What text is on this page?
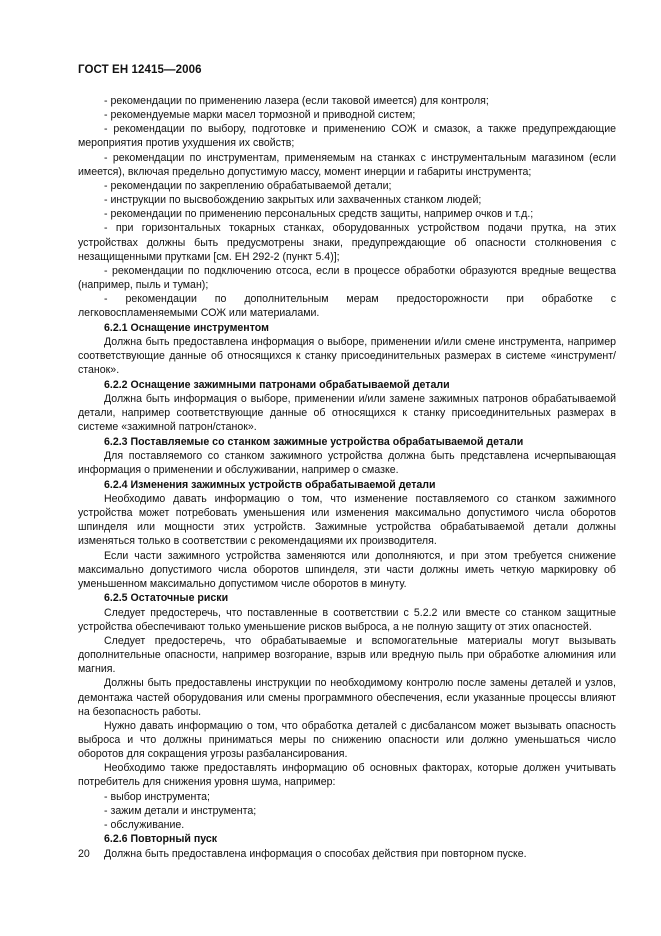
ГОСТ ЕН 12415—2006

- рекомендации по применению лазера (если таковой имеется) для контроля;

- рекомендуемые марки масел тормозной и приводной систем;

- рекомендации по выбору, подготовке и применению СОЖ и смазок, а также предупреждающие мероприятия против ухудшения их свойств;

- рекомендации по инструментам, применяемым на станках с инструментальным магазином (если имеется), включая предельно допустимую массу, момент инерции и габариты инструмента;

- рекомендации по закреплению обрабатываемой детали;

- инструкции по высвобождению закрытых или захваченных станком людей;

- рекомендации по применению персональных средств защиты, например очков и т.д.;

- при горизонтальных токарных станках, оборудованных устройством подачи прутка, на этих устройствах должны быть предусмотрены знаки, предупреждающие об опасности столкновения с незащищенными прутками [см. ЕН 292-2 (пункт 5.4)];

- рекомендации по подключению отсоса, если в процессе обработки образуются вредные вещества (например, пыль и туман);

- рекомендации по дополнительным мерам предосторожности при обработке с легковоспламеняемыми СОЖ или материалами.

6.2.1 Оснащение инструментом

Должна быть предоставлена информация о выборе, применении и/или смене инструмента, например соответствующие данные об относящихся к станку присоединительных размерах в системе «инструмент/станок».

6.2.2 Оснащение зажимными патронами обрабатываемой детали

Должна быть информация о выборе, применении и/или замене зажимных патронов обрабатываемой детали, например соответствующие данные об относящихся к станку присоединительных размерах в системе «зажимной патрон/станок».

6.2.3 Поставляемые со станком зажимные устройства обрабатываемой детали

Для поставляемого со станком зажимного устройства должна быть представлена исчерпывающая информация о применении и обслуживании, например о смазке.

6.2.4 Изменения зажимных устройств обрабатываемой детали

Необходимо давать информацию о том, что изменение поставляемого со станком зажимного устройства может потребовать уменьшения или изменения максимально допустимого числа оборотов шпинделя или мощности этих устройств. Зажимные устройства обрабатываемой детали должны изменяться только в соответствии с рекомендациями их производителя.

Если части зажимного устройства заменяются или дополняются, и при этом требуется снижение максимально допустимого числа оборотов шпинделя, эти части должны иметь четкую маркировку об уменьшенном максимально допустимом числе оборотов в минуту.

6.2.5 Остаточные риски

Следует предостеречь, что поставленные в соответствии с 5.2.2 или вместе со станком защитные устройства обеспечивают только уменьшение рисков выброса, а не полную защиту от этих опасностей.

Следует предостеречь, что обрабатываемые и вспомогательные материалы могут вызывать дополнительные опасности, например возгорание, взрыв или вредную пыль при обработке алюминия или магния.

Должны быть предоставлены инструкции по необходимому контролю после замены деталей и узлов, демонтажа частей оборудования или смены программного обеспечения, если указанные процессы влияют на безопасность работы.

Нужно давать информацию о том, что обработка деталей с дисбалансом может вызывать опасность выброса и что должны приниматься меры по снижению опасности или должно уменьшаться число оборотов для сокращения угрозы разбалансирования.

Необходимо также предоставлять информацию об основных факторах, которые должен учитывать потребитель для снижения уровня шума, например:

- выбор инструмента;

- зажим детали и инструмента;

- обслуживание.

6.2.6 Повторный пуск

Должна быть предоставлена информация о способах действия при повторном пуске.

20
